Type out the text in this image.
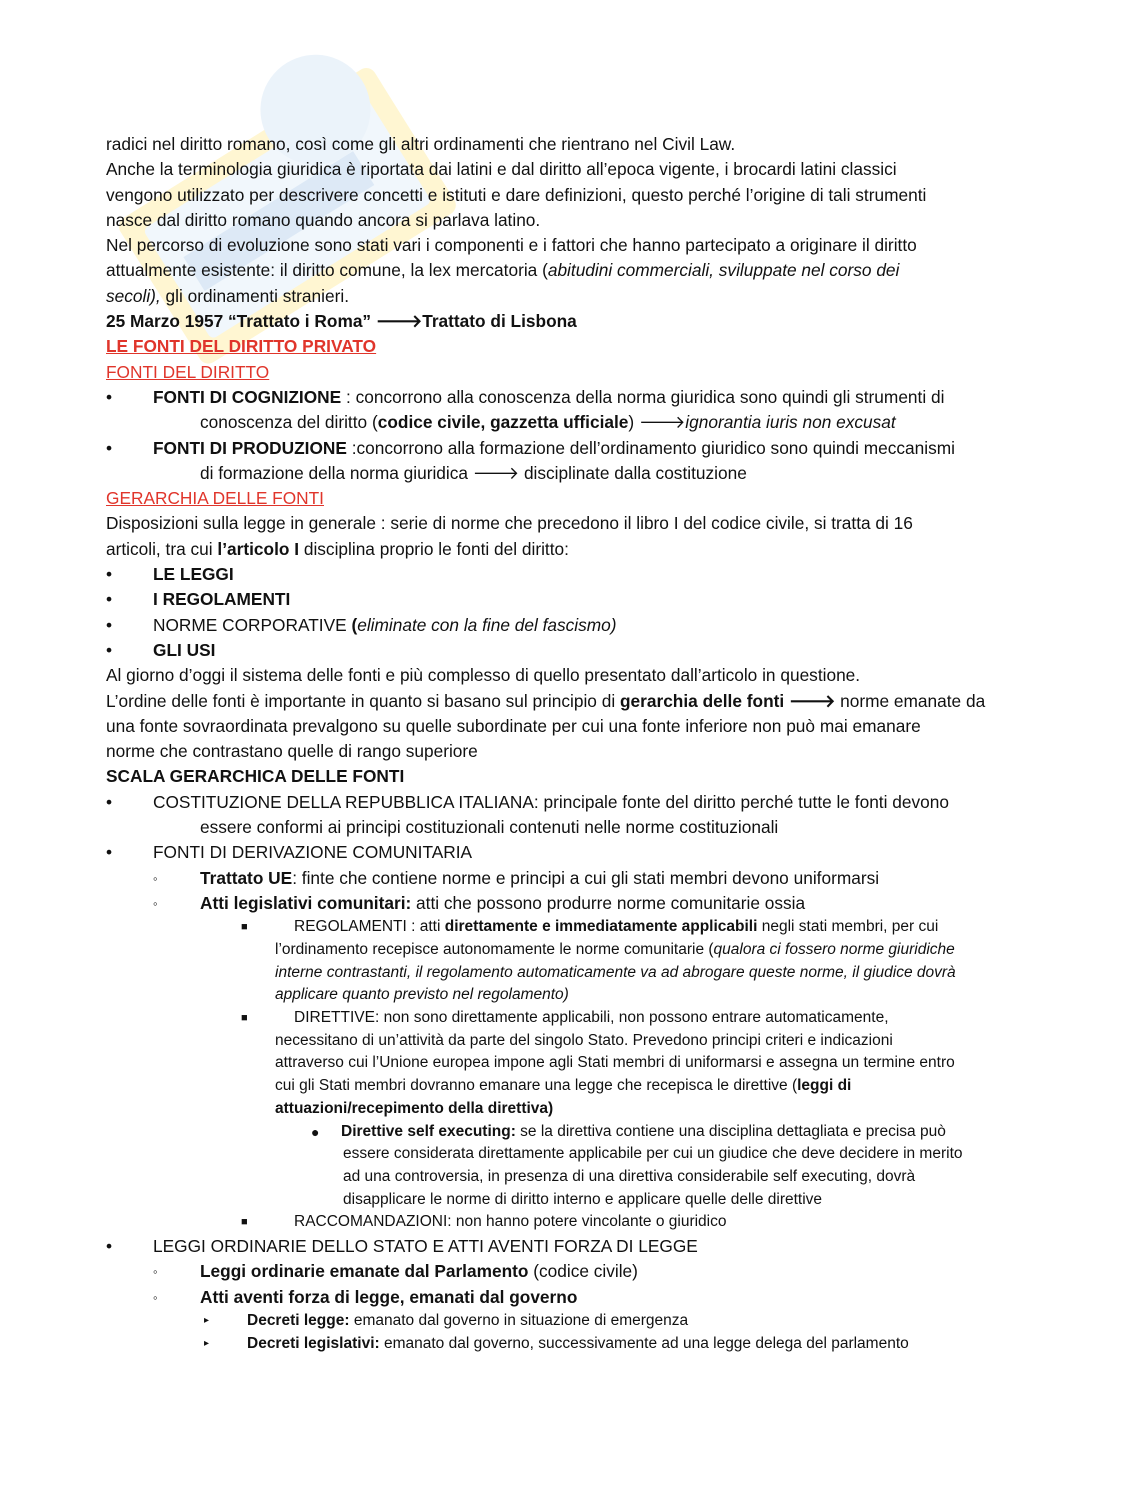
radici nel diritto romano, così come gli altri ordinamenti che rientrano nel Civil Law.
Anche la terminologia giuridica è riportata dai latini e dal diritto all’epoca vigente, i brocardi latini classici
vengono utilizzato per descrivere concetti e istituti e dare definizioni, questo perché l’origine di tali strumenti
nasce dal diritto romano quando ancora si parlava latino.
Nel percorso di evoluzione sono stati vari i componenti e i fattori che hanno partecipato a originare il diritto
attualmente esistente: il diritto comune, la lex mercatoria (abitudini commerciali, sviluppate nel corso dei
secoli), gli ordinamenti stranieri.
25 Marzo 1957 “Trattato i Roma” 🡒Trattato di Lisbona
LE FONTI DEL DIRITTO PRIVATO
FONTI DEL DIRITTO
• FONTI DI COGNIZIONE : concorrono alla conoscenza della norma giuridica sono quindi gli strumenti di
conoscenza del diritto (codice civile, gazzetta ufficiale) 🡒ignorantia iuris non excusat
• FONTI DI PRODUZIONE :concorrono alla formazione dell’ordinamento giuridico sono quindi meccanismi
di formazione della norma giuridica 🡒 disciplinate dalla costituzione
GERARCHIA DELLE FONTI
Disposizioni sulla legge in generale : serie di norme che precedono il libro I del codice civile, si tratta di 16
articoli, tra cui l’articolo I disciplina proprio le fonti del diritto:
• LE LEGGI
• I REGOLAMENTI
• NORME CORPORATIVE (eliminate con la fine del fascismo)
• GLI USI
Al giorno d’oggi il sistema delle fonti e più complesso di quello presentato dall’articolo in questione.
L’ordine delle fonti è importante in quanto si basano sul principio di gerarchia delle fonti 🡒 norme emanate da
una fonte sovraordinata prevalgono su quelle subordinate per cui una fonte inferiore non può mai emanare
norme che contrastano quelle di rango superiore
SCALA GERARCHICA DELLE FONTI
• COSTITUZIONE DELLA REPUBBLICA ITALIANA: principale fonte del diritto perché tutte le fonti devono
essere conformi ai principi costituzionali contenuti nelle norme costituzionali
• FONTI DI DERIVAZIONE COMUNITARIA
◦ Trattato UE: finte che contiene norme e principi a cui gli stati membri devono uniformarsi
◦ Atti legislativi comunitari: atti che possono produrre norme comunitarie ossia
■	REGOLAMENTI : atti direttamente e immediatamente applicabili negli stati membri, per cui
l’ordinamento recepisce autonomamente le norme comunitarie (qualora ci fossero norme giuridiche
interne contrastanti, il regolamento automaticamente va ad abrogare queste norme, il giudice dovrà
applicare quanto previsto nel regolamento)
■	DIRETTIVE: non sono direttamente applicabili, non possono entrare automaticamente,
necessitano di un’attività da parte del singolo Stato. Prevedono principi criteri e indicazioni
attraverso cui l’Unione europea impone agli Stati membri di uniformarsi e assegna un termine entro
cui gli Stati membri dovranno emanare una legge che recepisca le direttive (leggi di
attuazioni/recepimento della direttiva)
● Direttive self executing: se la direttiva contiene una disciplina dettagliata e precisa può
essere considerata direttamente applicabile per cui un giudice che deve decidere in merito
ad una controversia, in presenza di una direttiva considerabile self executing, dovrà
disapplicare le norme di diritto interno e applicare quelle delle direttive
■	RACCOMANDAZIONI: non hanno potere vincolante o giuridico
• LEGGI ORDINARIE DELLO STATO E ATTI AVENTI FORZA DI LEGGE
◦ Leggi ordinarie emanate dal Parlamento (codice civile)
◦ Atti aventi forza di legge, emanati dal governo
▸ Decreti legge: emanato dal governo in situazione di emergenza
▸ Decreti legislativi: emanato dal governo, successivamente ad una legge delega del parlamento
